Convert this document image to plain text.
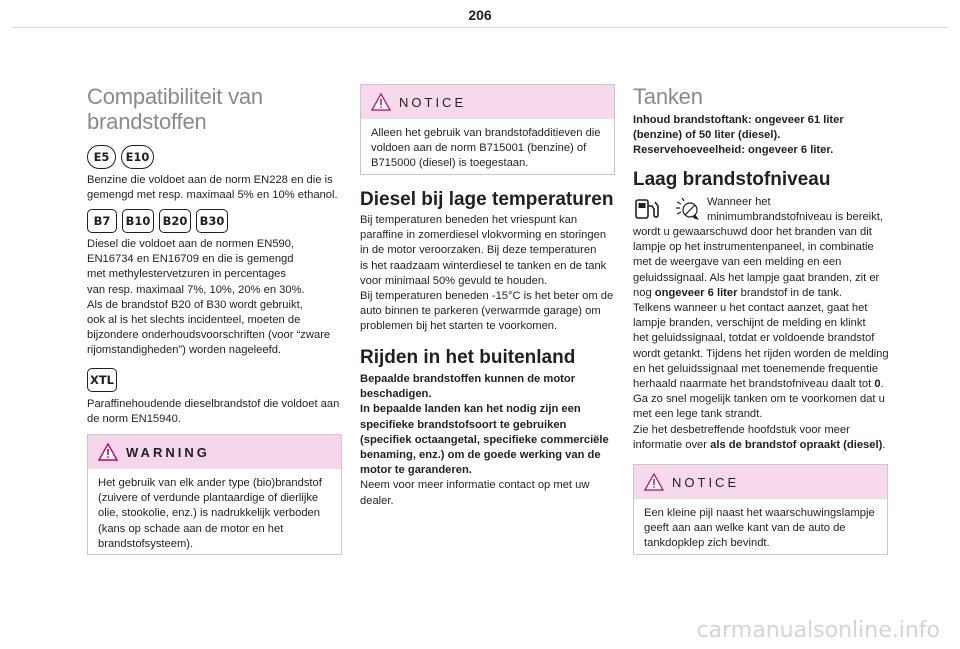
206
Compatibiliteit van
brandstoffen
E5	E10
Benzine die voldoet aan de norm EN228 en die is
gemengd met resp. maximaal 5% en 10% ethanol.
B7	B10	B20	B30
Diesel die voldoet aan de normen EN590,
EN16734 en EN16709 en die is gemengd
met methylestervetzuren in percentages
van resp. maximaal 7%, 10%, 20% en 30%.
Als de brandstof B20 of B30 wordt gebruikt,
ook al is het slechts incidenteel, moeten de
bijzondere onderhoudsvoorschriften (voor “zware
rijomstandigheden”) worden nageleefd.
XTL
Paraffinehoudende dieselbrandstof die voldoet aan
de norm EN15940.
WARNING
Het gebruik van elk ander type (bio)brandstof
(zuivere of verdunde plantaardige of dierlijke
olie, stookolie, enz.) is nadrukkelijk verboden
(kans op schade aan de motor en het
brandstofsysteem).
NOTICE
Alleen het gebruik van brandstofadditieven die
voldoen aan de norm B715001 (benzine) of
B715000 (diesel) is toegestaan.
Diesel bij lage temperaturen
Bij temperaturen beneden het vriespunt kan
paraffine in zomerdiesel vlokvorming en storingen
in de motor veroorzaken. Bij deze temperaturen
is het raadzaam winterdiesel te tanken en de tank
voor minimaal 50% gevuld te houden.
Bij temperaturen beneden -15°C is het beter om de
auto binnen te parkeren (verwarmde garage) om
problemen bij het starten te voorkomen.
Rijden in het buitenland
Bepaalde brandstoffen kunnen de motor
beschadigen.
In bepaalde landen kan het nodig zijn een
specifieke brandstofsoort te gebruiken
(specifiek octaangetal, specifieke commerciële
benaming, enz.) om de goede werking van de
motor te garanderen.
Neem voor meer informatie contact op met uw
dealer.
Tanken
Inhoud brandstoftank: ongeveer 61 liter
(benzine) of 50 liter (diesel).
Reservehoeveelheid: ongeveer 6 liter.
Laag brandstofniveau
Wanneer het
minimumbrandstofniveau is bereikt,
wordt u gewaarschuwd door het branden van dit
lampje op het instrumentenpaneel, in combinatie
met de weergave van een melding en een
geluidssignaal. Als het lampje gaat branden, zit er
nog ongeveer 6 liter brandstof in de tank.
Telkens wanneer u het contact aanzet, gaat het
lampje branden, verschijnt de melding en klinkt
het geluidssignaal, totdat er voldoende brandstof
wordt getankt. Tijdens het rijden worden de melding
en het geluidssignaal met toenemende frequentie
herhaald naarmate het brandstofniveau daalt tot 0.
Ga zo snel mogelijk tanken om te voorkomen dat u
met een lege tank strandt.
Zie het desbetreffende hoofdstuk voor meer
informatie over als de brandstof opraakt (diesel).
NOTICE
Een kleine pijl naast het waarschuwingslampje
geeft aan aan welke kant van de auto de
tankdopklep zich bevindt.
carmanualsonline.info
